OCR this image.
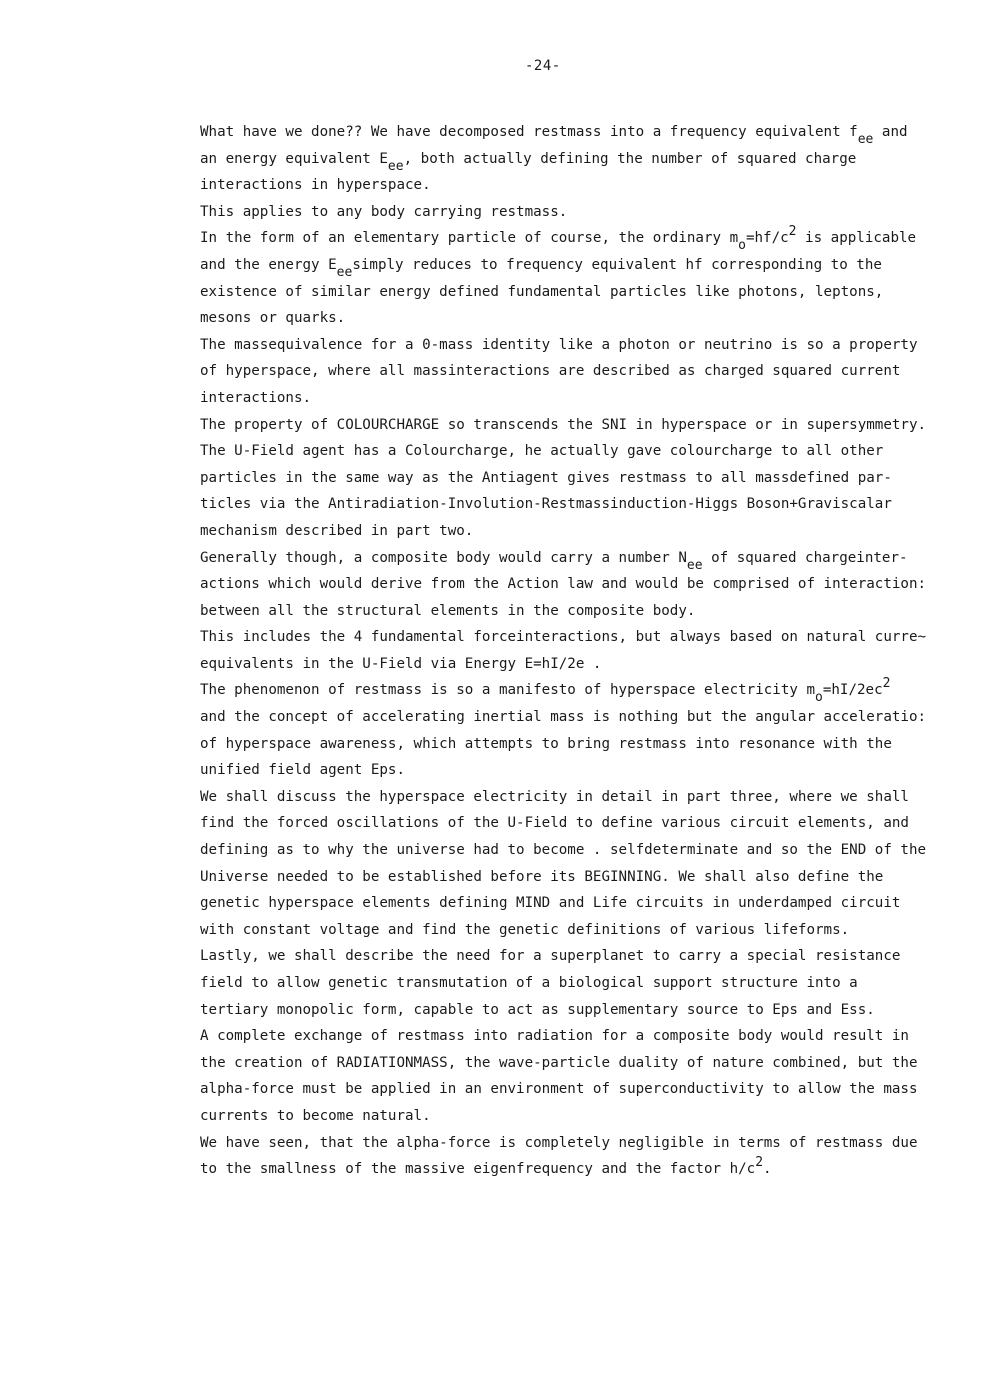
-24-
What have we done?? We have decomposed restmass into a frequency equivalent fee and
an energy equivalent Eee, both actually defining the number of squared charge
interactions in hyperspace.
This applies to any body carrying restmass.
In the form of an elementary particle of course, the ordinary mo=hf/c2 is applicable
and the energy Eeesimply reduces to frequency equivalent hf corresponding to the
existence of similar energy defined fundamental particles like photons, leptons,
mesons or quarks.
The massequivalence for a 0-mass identity like a photon or neutrino is so a property
of hyperspace, where all massinteractions are described as charged squared current
interactions.
The property of COLOURCHARGE so transcends the SNI in hyperspace or in supersymmetry.
The U-Field agent has a Colourcharge, he actually gave colourcharge to all other
particles in the same way as the Antiagent gives restmass to all massdefined par-
ticles via the Antiradiation-Involution-Restmassinduction-Higgs Boson+Graviscalar
mechanism described in part two.
Generally though, a composite body would carry a number Nee of squared chargeinter-
actions which would derive from the Action law and would be comprised of interaction:
between all the structural elements in the composite body.
This includes the 4 fundamental forceinteractions, but always based on natural curre~
equivalents in the U-Field via Energy E=hI/2e .
The phenomenon of restmass is so a manifesto of hyperspace electricity mo=hI/2ec2
and the concept of accelerating inertial mass is nothing but the angular acceleratio:
of hyperspace awareness, which attempts to bring restmass into resonance with the
unified field agent Eps.
We shall discuss the hyperspace electricity in detail in part three, where we shall
find the forced oscillations of the U-Field to define various circuit elements, and
defining as to why the universe had to become . selfdeterminate and so the END of the
Universe needed to be established before its BEGINNING. We shall also define the
genetic hyperspace elements defining MIND and Life circuits in underdamped circuit
with constant voltage and find the genetic definitions of various lifeforms.
Lastly, we shall describe the need for a superplanet to carry a special resistance
field to allow genetic transmutation of a biological support structure into a
tertiary monopolic form, capable to act as supplementary source to Eps and Ess.
A complete exchange of restmass into radiation for a composite body would result in
the creation of RADIATIONMASS, the wave-particle duality of nature combined, but the
alpha-force must be applied in an environment of superconductivity to allow the mass
currents to become natural.
We have seen, that the alpha-force is completely negligible in terms of restmass due
to the smallness of the massive eigenfrequency and the factor h/c2.
